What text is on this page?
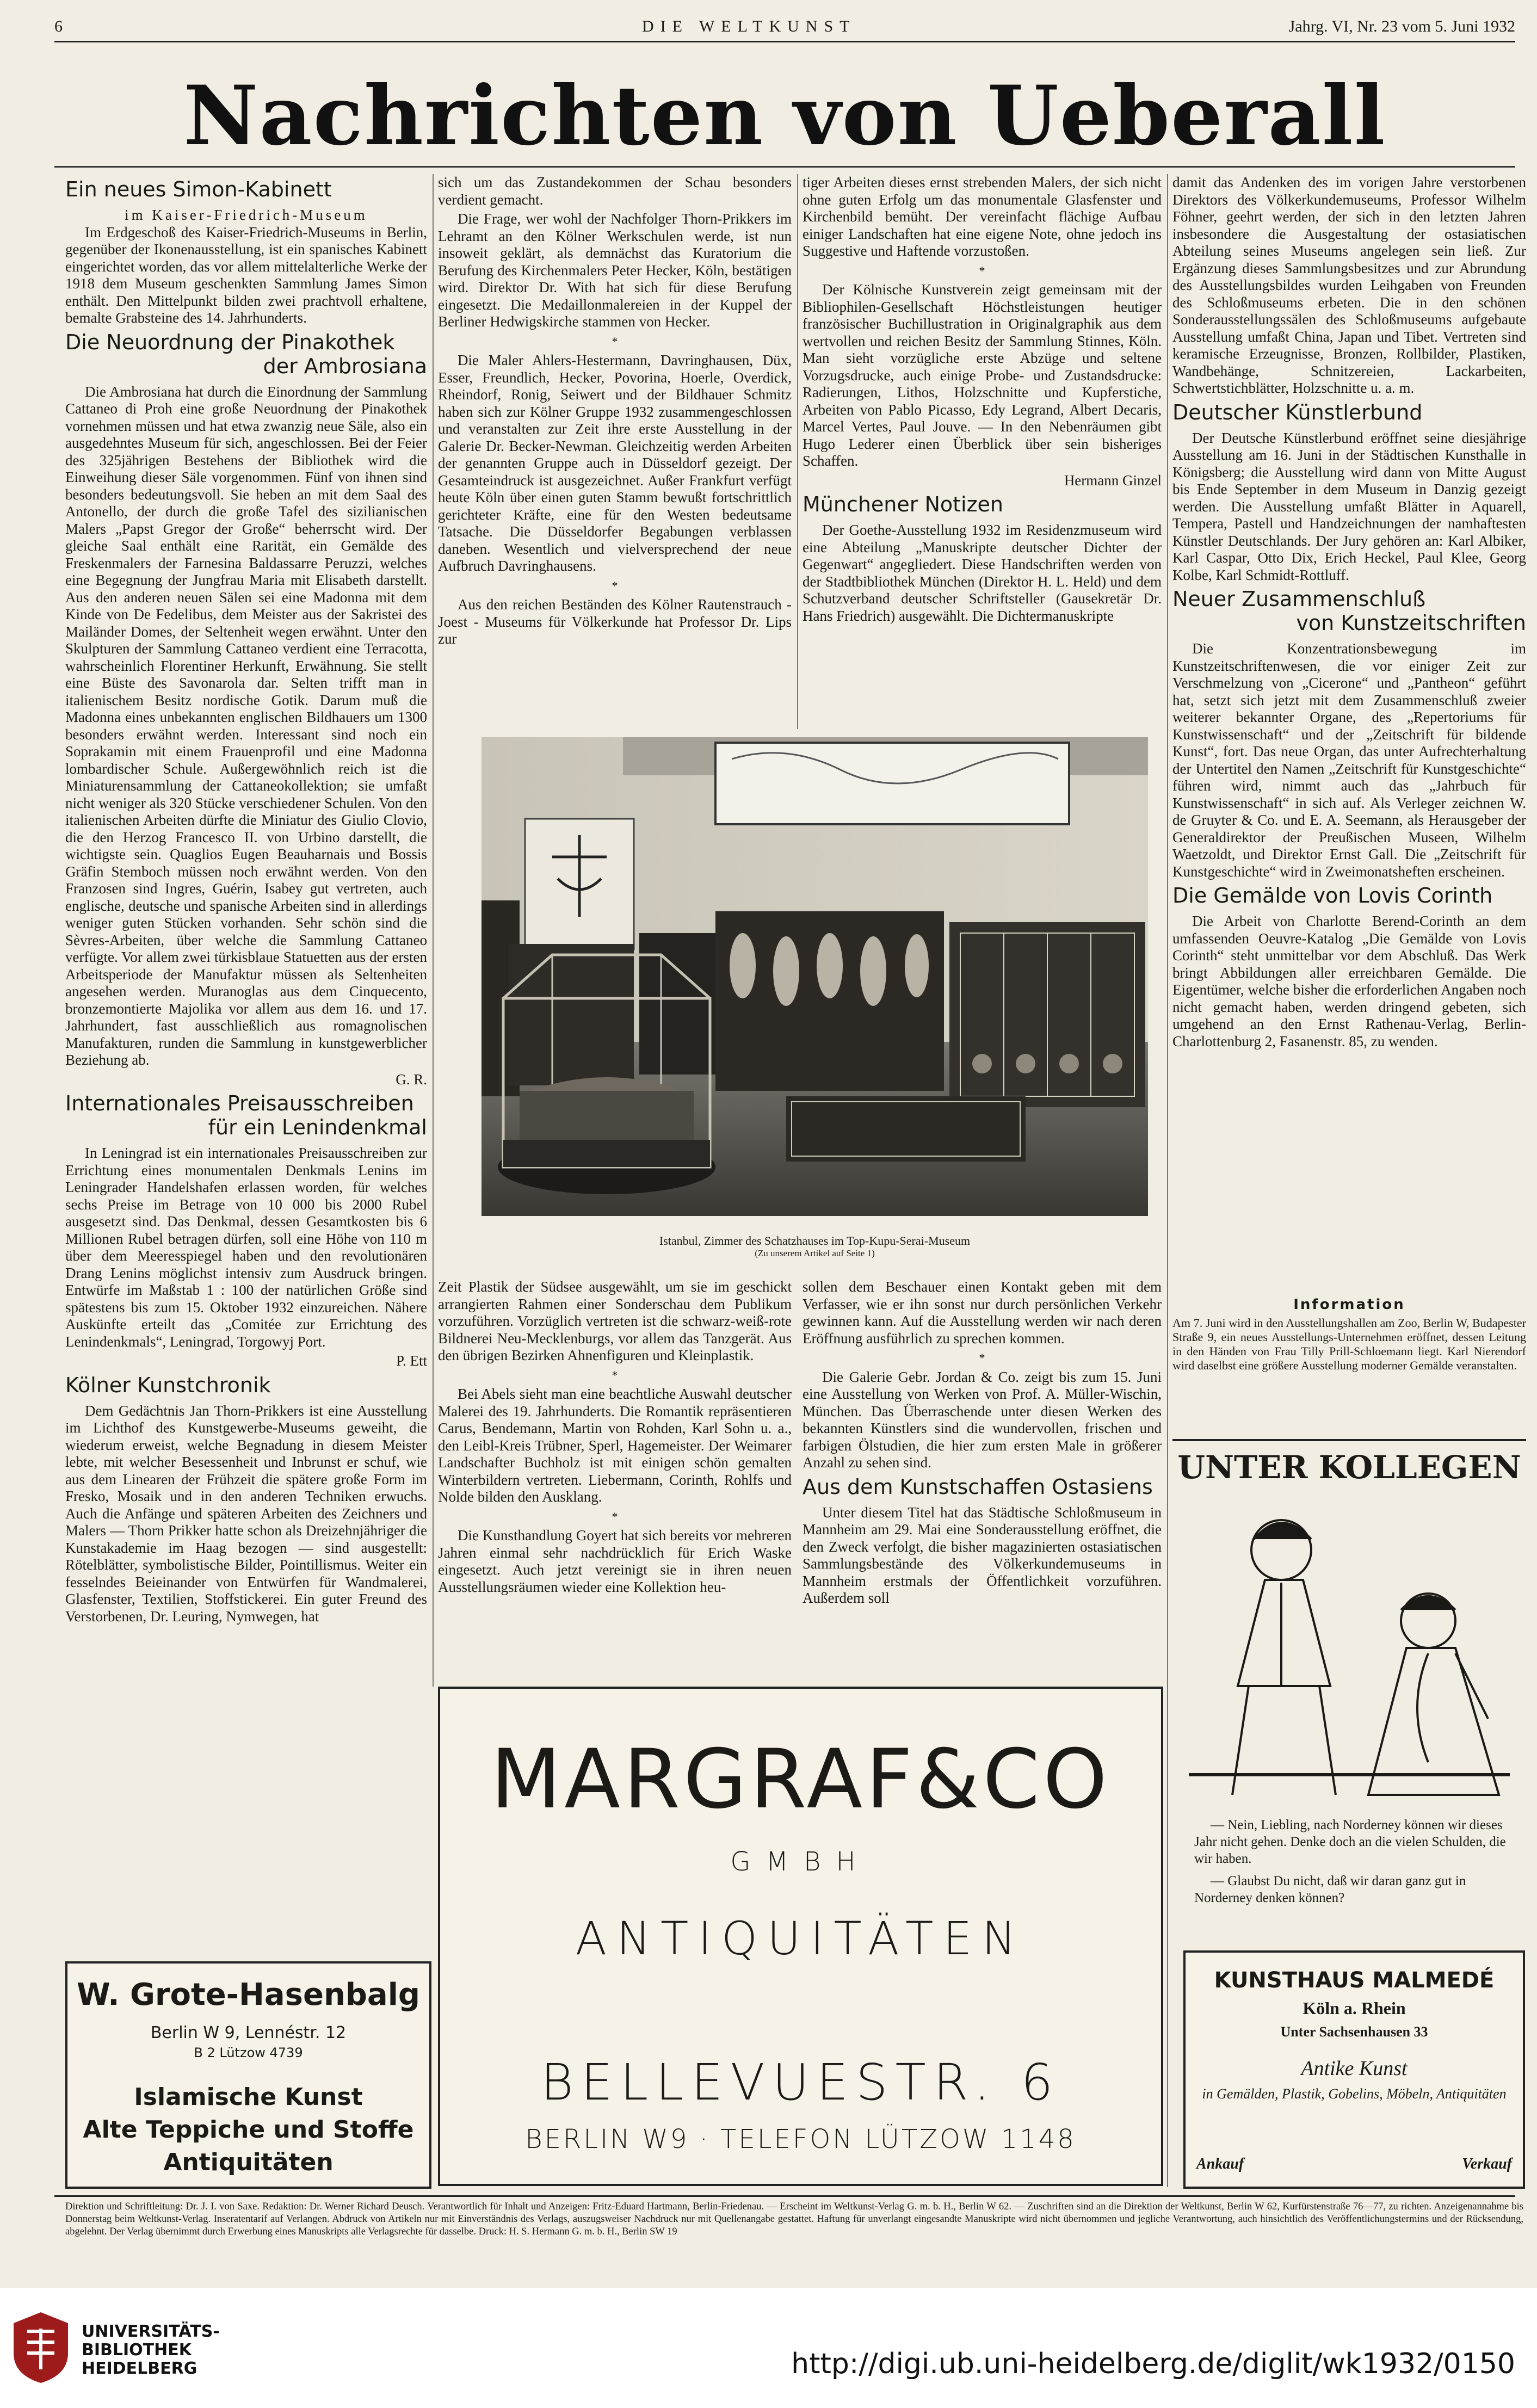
6	DIE WELTKUNST	Jahrg. VI, Nr. 23 vom 5. Juni 1932
Nachrichten von Ueberall
Ein neues Simon-Kabinett
im Kaiser-Friedrich-Museum

Im Erdgeschoß des Kaiser-Friedrich-Museums in Berlin, gegenüber der Ikonenausstellung, ist ein spanisches Kabinett eingerichtet worden, das vor allem mittelalterliche Werke der 1918 dem Museum geschenkten Sammlung James Simon enthält. Den Mittelpunkt bilden zwei prachtvoll erhaltene, bemalte Grabsteine des 14. Jahrhunderts.

Die Neuordnung der Pinakothek
der Ambrosiana

Die Ambrosiana hat durch die Einordnung der Sammlung Cattaneo di Proh eine große Neuordnung der Pinakothek vornehmen müssen und hat etwa zwanzig neue Säle, also ein ausgedehntes Museum für sich, angeschlossen. Bei der Feier des 325jährigen Bestehens der Bibliothek wird die Einweihung dieser Säle vorgenommen. Fünf von ihnen sind besonders bedeutungsvoll. Sie heben an mit dem Saal des Antonello, der durch die große Tafel des sizilianischen Malers „Papst Gregor der Große“ beherrscht wird. Der gleiche Saal enthält eine Rarität, ein Gemälde des Freskenmalers der Farnesina Baldassarre Peruzzi, welches eine Begegnung der Jungfrau Maria mit Elisabeth darstellt. Aus den anderen neuen Sälen sei eine Madonna mit dem Kinde von De Fedelibus, dem Meister aus der Sakristei des Mailänder Domes, der Seltenheit wegen erwähnt. Unter den Skulpturen der Sammlung Cattaneo verdient eine Terracotta, wahrscheinlich Florentiner Herkunft, Erwähnung. Sie stellt eine Büste des Savonarola dar. Selten trifft man in italienischem Besitz nordische Gotik. Darum muß die Madonna eines unbekannten englischen Bildhauers um 1300 besonders erwähnt werden. Interessant sind noch ein Soprakamin mit einem Frauenprofil und eine Madonna lombardischer Schule. Außergewöhnlich reich ist die Miniaturensammlung der Cattaneokollektion; sie umfaßt nicht weniger als 320 Stücke verschiedener Schulen. Von den italienischen Arbeiten dürfte die Miniatur des Giulio Clovio, die den Herzog Francesco II. von Urbino darstellt, die wichtigste sein. Quaglios Eugen Beauharnais und Bossis Gräfin Stemboch müssen noch erwähnt werden. Von den Franzosen sind Ingres, Guérin, Isabey gut vertreten, auch englische, deutsche und spanische Arbeiten sind in allerdings weniger guten Stücken vorhanden. Sehr schön sind die Sèvres-Arbeiten, über welche die Sammlung Cattaneo verfügte. Vor allem zwei türkisblaue Statuetten aus der ersten Arbeitsperiode der Manufaktur müssen als Seltenheiten angesehen werden. Muranoglas aus dem Cinquecento, bronzemontierte Majolika vor allem aus dem 16. und 17. Jahrhundert, fast ausschließlich aus romagnolischen Manufakturen, runden die Sammlung in kunstgewerblicher Beziehung ab.

G. R.
Internationales Preisausschreiben
für ein Lenindenkmal

In Leningrad ist ein internationales Preisausschreiben zur Errichtung eines monumentalen Denkmals Lenins im Leningrader Handelshafen erlassen worden, für welches sechs Preise im Betrage von 10 000 bis 2000 Rubel ausgesetzt sind. Das Denkmal, dessen Gesamtkosten bis 6 Millionen Rubel betragen dürfen, soll eine Höhe von 110 m über dem Meeresspiegel haben und den revolutionären Drang Lenins möglichst intensiv zum Ausdruck bringen. Entwürfe im Maßstab 1 : 100 der natürlichen Größe sind spätestens bis zum 15. Oktober 1932 einzureichen. Nähere Auskünfte erteilt das „Comitée zur Errichtung des Lenindenkmals“, Leningrad, Torgowyj Port.

P. Ett
Kölner Kunstchronik

Dem Gedächtnis Jan Thorn-Prikkers ist eine Ausstellung im Lichthof des Kunstgewerbe-Museums geweiht, die wiederum erweist, welche Begnadung in diesem Meister lebte, mit welcher Besessenheit und Inbrunst er schuf, wie aus dem Linearen der Frühzeit die spätere große Form im Fresko, Mosaik und in den anderen Techniken erwuchs. Auch die Anfänge und späteren Arbeiten des Zeichners und Malers — Thorn Prikker hatte schon als Dreizehnjähriger die Kunstakademie im Haag bezogen — sind ausgestellt: Rötelblätter, symbolistische Bilder, Pointillismus. Weiter ein fesselndes Beieinander von Entwürfen für Wandmalerei, Glasfenster, Textilien, Stoffstickerei. Ein guter Freund des Verstorbenen, Dr. Leuring, Nymwegen, hat

sich um das Zustandekommen der Schau besonders verdient gemacht.

Die Frage, wer wohl der Nachfolger Thorn-Prikkers im Lehramt an den Kölner Werkschulen werde, ist nun insoweit geklärt, als demnächst das Kuratorium die Berufung des Kirchenmalers Peter Hecker, Köln, bestätigen wird. Direktor Dr. With hat sich für diese Berufung eingesetzt. Die Medaillonmalereien in der Kuppel der Berliner Hedwigskirche stammen von Hecker.

*

Die Maler Ahlers-Hestermann, Davringhausen, Düx, Esser, Freundlich, Hecker, Povorina, Hoerle, Overdick, Rheindorf, Ronig, Seiwert und der Bildhauer Schmitz haben sich zur Kölner Gruppe 1932 zusammengeschlossen und veranstalten zur Zeit ihre erste Ausstellung in der Galerie Dr. Becker-Newman. Gleichzeitig werden Arbeiten der genannten Gruppe auch in Düsseldorf gezeigt. Der Gesamteindruck ist ausgezeichnet. Außer Frankfurt verfügt heute Köln über einen guten Stamm bewußt fortschrittlich gerichteter Kräfte, eine für den Westen bedeutsame Tatsache. Die Düsseldorfer Begabungen verblassen daneben. Wesentlich und vielversprechend der neue Aufbruch Davringhausens.

*

Aus den reichen Beständen des Kölner Rautenstrauch - Joest - Museums für Völkerkunde hat Professor Dr. Lips zur

tiger Arbeiten dieses ernst strebenden Malers, der sich nicht ohne guten Erfolg um das monumentale Glasfenster und Kirchenbild bemüht. Der vereinfacht flächige Aufbau einiger Landschaften hat eine eigene Note, ohne jedoch ins Suggestive und Haftende vorzustoßen.

*

Der Kölnische Kunstverein zeigt gemeinsam mit der Bibliophilen-Gesellschaft Höchstleistungen heutiger französischer Buchillustration in Originalgraphik aus dem wertvollen und reichen Besitz der Sammlung Stinnes, Köln. Man sieht vorzügliche erste Abzüge und seltene Vorzugsdrucke, auch einige Probe- und Zustandsdrucke: Radierungen, Lithos, Holzschnitte und Kupferstiche, Arbeiten von Pablo Picasso, Edy Legrand, Albert Decaris, Marcel Vertes, Paul Jouve. — In den Nebenräumen gibt Hugo Lederer einen Überblick über sein bisheriges Schaffen.

Hermann Ginzel
Münchener Notizen

Der Goethe-Ausstellung 1932 im Residenzmuseum wird eine Abteilung „Manuskripte deutscher Dichter der Gegenwart“ angegliedert. Diese Handschriften werden von der Stadtbibliothek München (Direktor H. L. Held) und dem Schutzverband deutscher Schriftsteller (Gausekretär Dr. Hans Friedrich) ausgewählt. Die Dichtermanuskripte

Istanbul, Zimmer des Schatzhauses im Top-Kupu-Serai-Museum
(Zu unserem Artikel auf Seite 1)

Zeit Plastik der Südsee ausgewählt, um sie im geschickt arrangierten Rahmen einer Sonderschau dem Publikum vorzuführen. Vorzüglich vertreten ist die schwarz-weiß-rote Bildnerei Neu-Mecklenburgs, vor allem das Tanzgerät. Aus den übrigen Bezirken Ahnenfiguren und Kleinplastik.

*

Bei Abels sieht man eine beachtliche Auswahl deutscher Malerei des 19. Jahrhunderts. Die Romantik repräsentieren Carus, Bendemann, Martin von Rohden, Karl Sohn u. a., den Leibl-Kreis Trübner, Sperl, Hagemeister. Der Weimarer Landschafter Buchholz ist mit einigen schön gemalten Winterbildern vertreten. Liebermann, Corinth, Rohlfs und Nolde bilden den Ausklang.

*

Die Kunsthandlung Goyert hat sich bereits vor mehreren Jahren einmal sehr nachdrücklich für Erich Waske eingesetzt. Auch jetzt vereinigt sie in ihren neuen Ausstellungsräumen wieder eine Kollektion heu-

sollen dem Beschauer einen Kontakt geben mit dem Verfasser, wie er ihn sonst nur durch persönlichen Verkehr gewinnen kann. Auf die Ausstellung werden wir nach deren Eröffnung ausführlich zu sprechen kommen.

*

Die Galerie Gebr. Jordan & Co. zeigt bis zum 15. Juni eine Ausstellung von Werken von Prof. A. Müller-Wischin, München. Das Überraschende unter diesen Werken des bekannten Künstlers sind die wundervollen, frischen und farbigen Ölstudien, die hier zum ersten Male in größerer Anzahl zu sehen sind.

Aus dem Kunstschaffen Ostasiens

Unter diesem Titel hat das Städtische Schloßmuseum in Mannheim am 29. Mai eine Sonderausstellung eröffnet, die den Zweck verfolgt, die bisher magazinierten ostasiatischen Sammlungsbestände des Völkerkundemuseums in Mannheim erstmals der Öffentlichkeit vorzuführen. Außerdem soll

damit das Andenken des im vorigen Jahre verstorbenen Direktors des Völkerkundemuseums, Professor Wilhelm Föhner, geehrt werden, der sich in den letzten Jahren insbesondere die Ausgestaltung der ostasiatischen Abteilung seines Museums angelegen sein ließ. Zur Ergänzung dieses Sammlungsbesitzes und zur Abrundung des Ausstellungsbildes wurden Leihgaben von Freunden des Schloßmuseums erbeten. Die in den schönen Sonderausstellungssälen des Schloßmuseums aufgebaute Ausstellung umfaßt China, Japan und Tibet. Vertreten sind keramische Erzeugnisse, Bronzen, Rollbilder, Plastiken, Wandbehänge, Schnitzereien, Lackarbeiten, Schwertstichblätter, Holzschnitte u. a. m.

Deutscher Künstlerbund

Der Deutsche Künstlerbund eröffnet seine diesjährige Ausstellung am 16. Juni in der Städtischen Kunsthalle in Königsberg; die Ausstellung wird dann von Mitte August bis Ende September in dem Museum in Danzig gezeigt werden. Die Ausstellung umfaßt Blätter in Aquarell, Tempera, Pastell und Handzeichnungen der namhaftesten Künstler Deutschlands. Der Jury gehören an: Karl Albiker, Karl Caspar, Otto Dix, Erich Heckel, Paul Klee, Georg Kolbe, Karl Schmidt-Rottluff.

Neuer Zusammenschluß
von Kunstzeitschriften

Die Konzentrationsbewegung im Kunstzeitschriftenwesen, die vor einiger Zeit zur Verschmelzung von „Cicerone“ und „Pantheon“ geführt hat, setzt sich jetzt mit dem Zusammenschluß zweier weiterer bekannter Organe, des „Repertoriums für Kunstwissenschaft“ und der „Zeitschrift für bildende Kunst“, fort. Das neue Organ, das unter Aufrechterhaltung der Untertitel den Namen „Zeitschrift für Kunstgeschichte“ führen wird, nimmt auch das „Jahrbuch für Kunstwissenschaft“ in sich auf. Als Verleger zeichnen W. de Gruyter & Co. und E. A. Seemann, als Herausgeber der Generaldirektor der Preußischen Museen, Wilhelm Waetzoldt, und Direktor Ernst Gall. Die „Zeitschrift für Kunstgeschichte“ wird in Zweimonatsheften erscheinen.

Die Gemälde von Lovis Corinth

Die Arbeit von Charlotte Berend-Corinth an dem umfassenden Oeuvre-Katalog „Die Gemälde von Lovis Corinth“ steht unmittelbar vor dem Abschluß. Das Werk bringt Abbildungen aller erreichbaren Gemälde. Die Eigentümer, welche bisher die erforderlichen Angaben noch nicht gemacht haben, werden dringend gebeten, sich umgehend an den Ernst Rathenau-Verlag, Berlin-Charlottenburg 2, Fasanenstr. 85, zu wenden.

Information
Am 7. Juni wird in den Ausstellungshallen am Zoo, Berlin W, Budapester Straße 9, ein neues Ausstellungs-Unternehmen eröffnet, dessen Leitung in den Händen von Frau Tilly Prill-Schloemann liegt. Karl Nierendorf wird daselbst eine größere Ausstellung moderner Gemälde veranstalten.
UNTER KOLLEGEN

— Nein, Liebling, nach Norderney können wir dieses Jahr nicht gehen. Denke doch an die vielen Schulden, die wir haben.

— Glaubst Du nicht, daß wir daran ganz gut in Norderney denken können?

W. Grote-Hasenbalg
Berlin W 9, Lennéstr. 12
B 2 Lützow 4739
Islamische Kunst
Alte Teppiche und Stoffe
Antiquitäten
MARGRAF&CO
GMBH
ANTIQUITÄTEN
BELLEVUESTR. 6
BERLIN W9 · TELEFON LÜTZOW 1148
KUNSTHAUS MALMEDÉ
Köln a. Rhein
Unter Sachsenhausen 33
Antike Kunst
in Gemälden, Plastik, Gobelins, Möbeln, Antiquitäten
Ankauf	Verkauf
Direktion und Schriftleitung: Dr. J. I. von Saxe. Redaktion: Dr. Werner Richard Deusch. Verantwortlich für Inhalt und Anzeigen: Fritz-Eduard Hartmann, Berlin-Friedenau. — Erscheint im Weltkunst-Verlag G. m. b. H., Berlin W 62. — Zuschriften sind an die Direktion der Weltkunst, Berlin W 62, Kurfürstenstraße 76—77, zu richten. Anzeigenannahme bis Donnerstag beim Weltkunst-Verlag. Inseratentarif auf Verlangen. Abdruck von Artikeln nur mit Einverständnis des Verlags, auszugsweiser Nachdruck nur mit Quellenangabe gestattet. Haftung für unverlangt eingesandte Manuskripte wird nicht übernommen und jegliche Verantwortung, auch hinsichtlich des Veröffentlichungstermins und der Rücksendung, abgelehnt. Der Verlag übernimmt durch Erwerbung eines Manuskripts alle Verlagsrechte für dasselbe. Druck: H. S. Hermann G. m. b. H., Berlin SW 19
UNIVERSITÄTS-
BIBLIOTHEK
HEIDELBERG	http://digi.ub.uni-heidelberg.de/diglit/wk1932/0150
